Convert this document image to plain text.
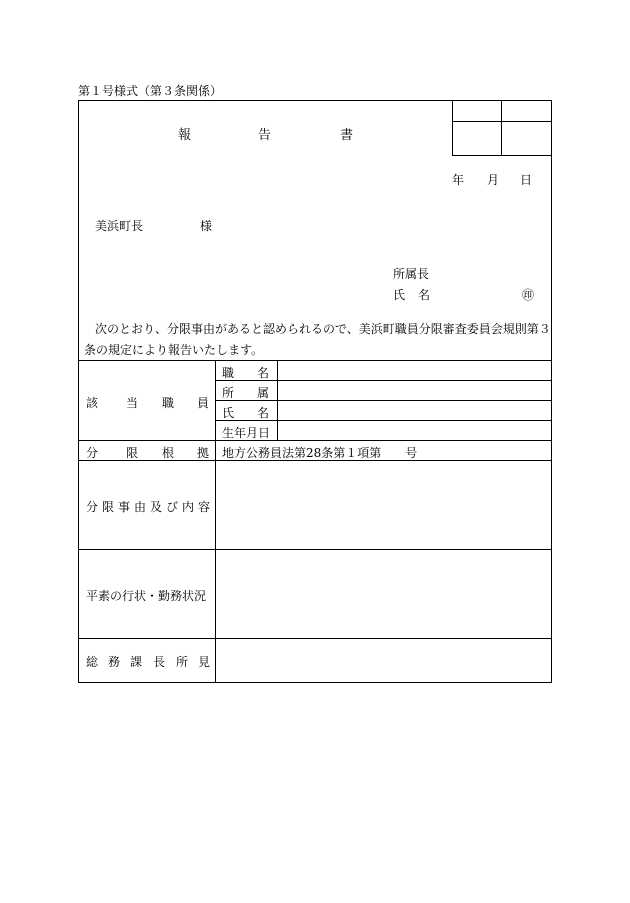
第１号様式（第３条関係）
報	告	書
年 月 日
美浜町長	様
所属長
氏 名	㊞
次のとおり、分限事由があると認められるので、美浜町職員分限審査委員会規則第３
条の規定により報告いたします。
該 当 職 員
職 名
所 属
氏 名
生年月日
分 限 根 拠 地方公務員法第28条第１項第　　号
分 限 事 由 及 び 内 容
平素の行状・勤務状況
総 務 課 長 所 見
